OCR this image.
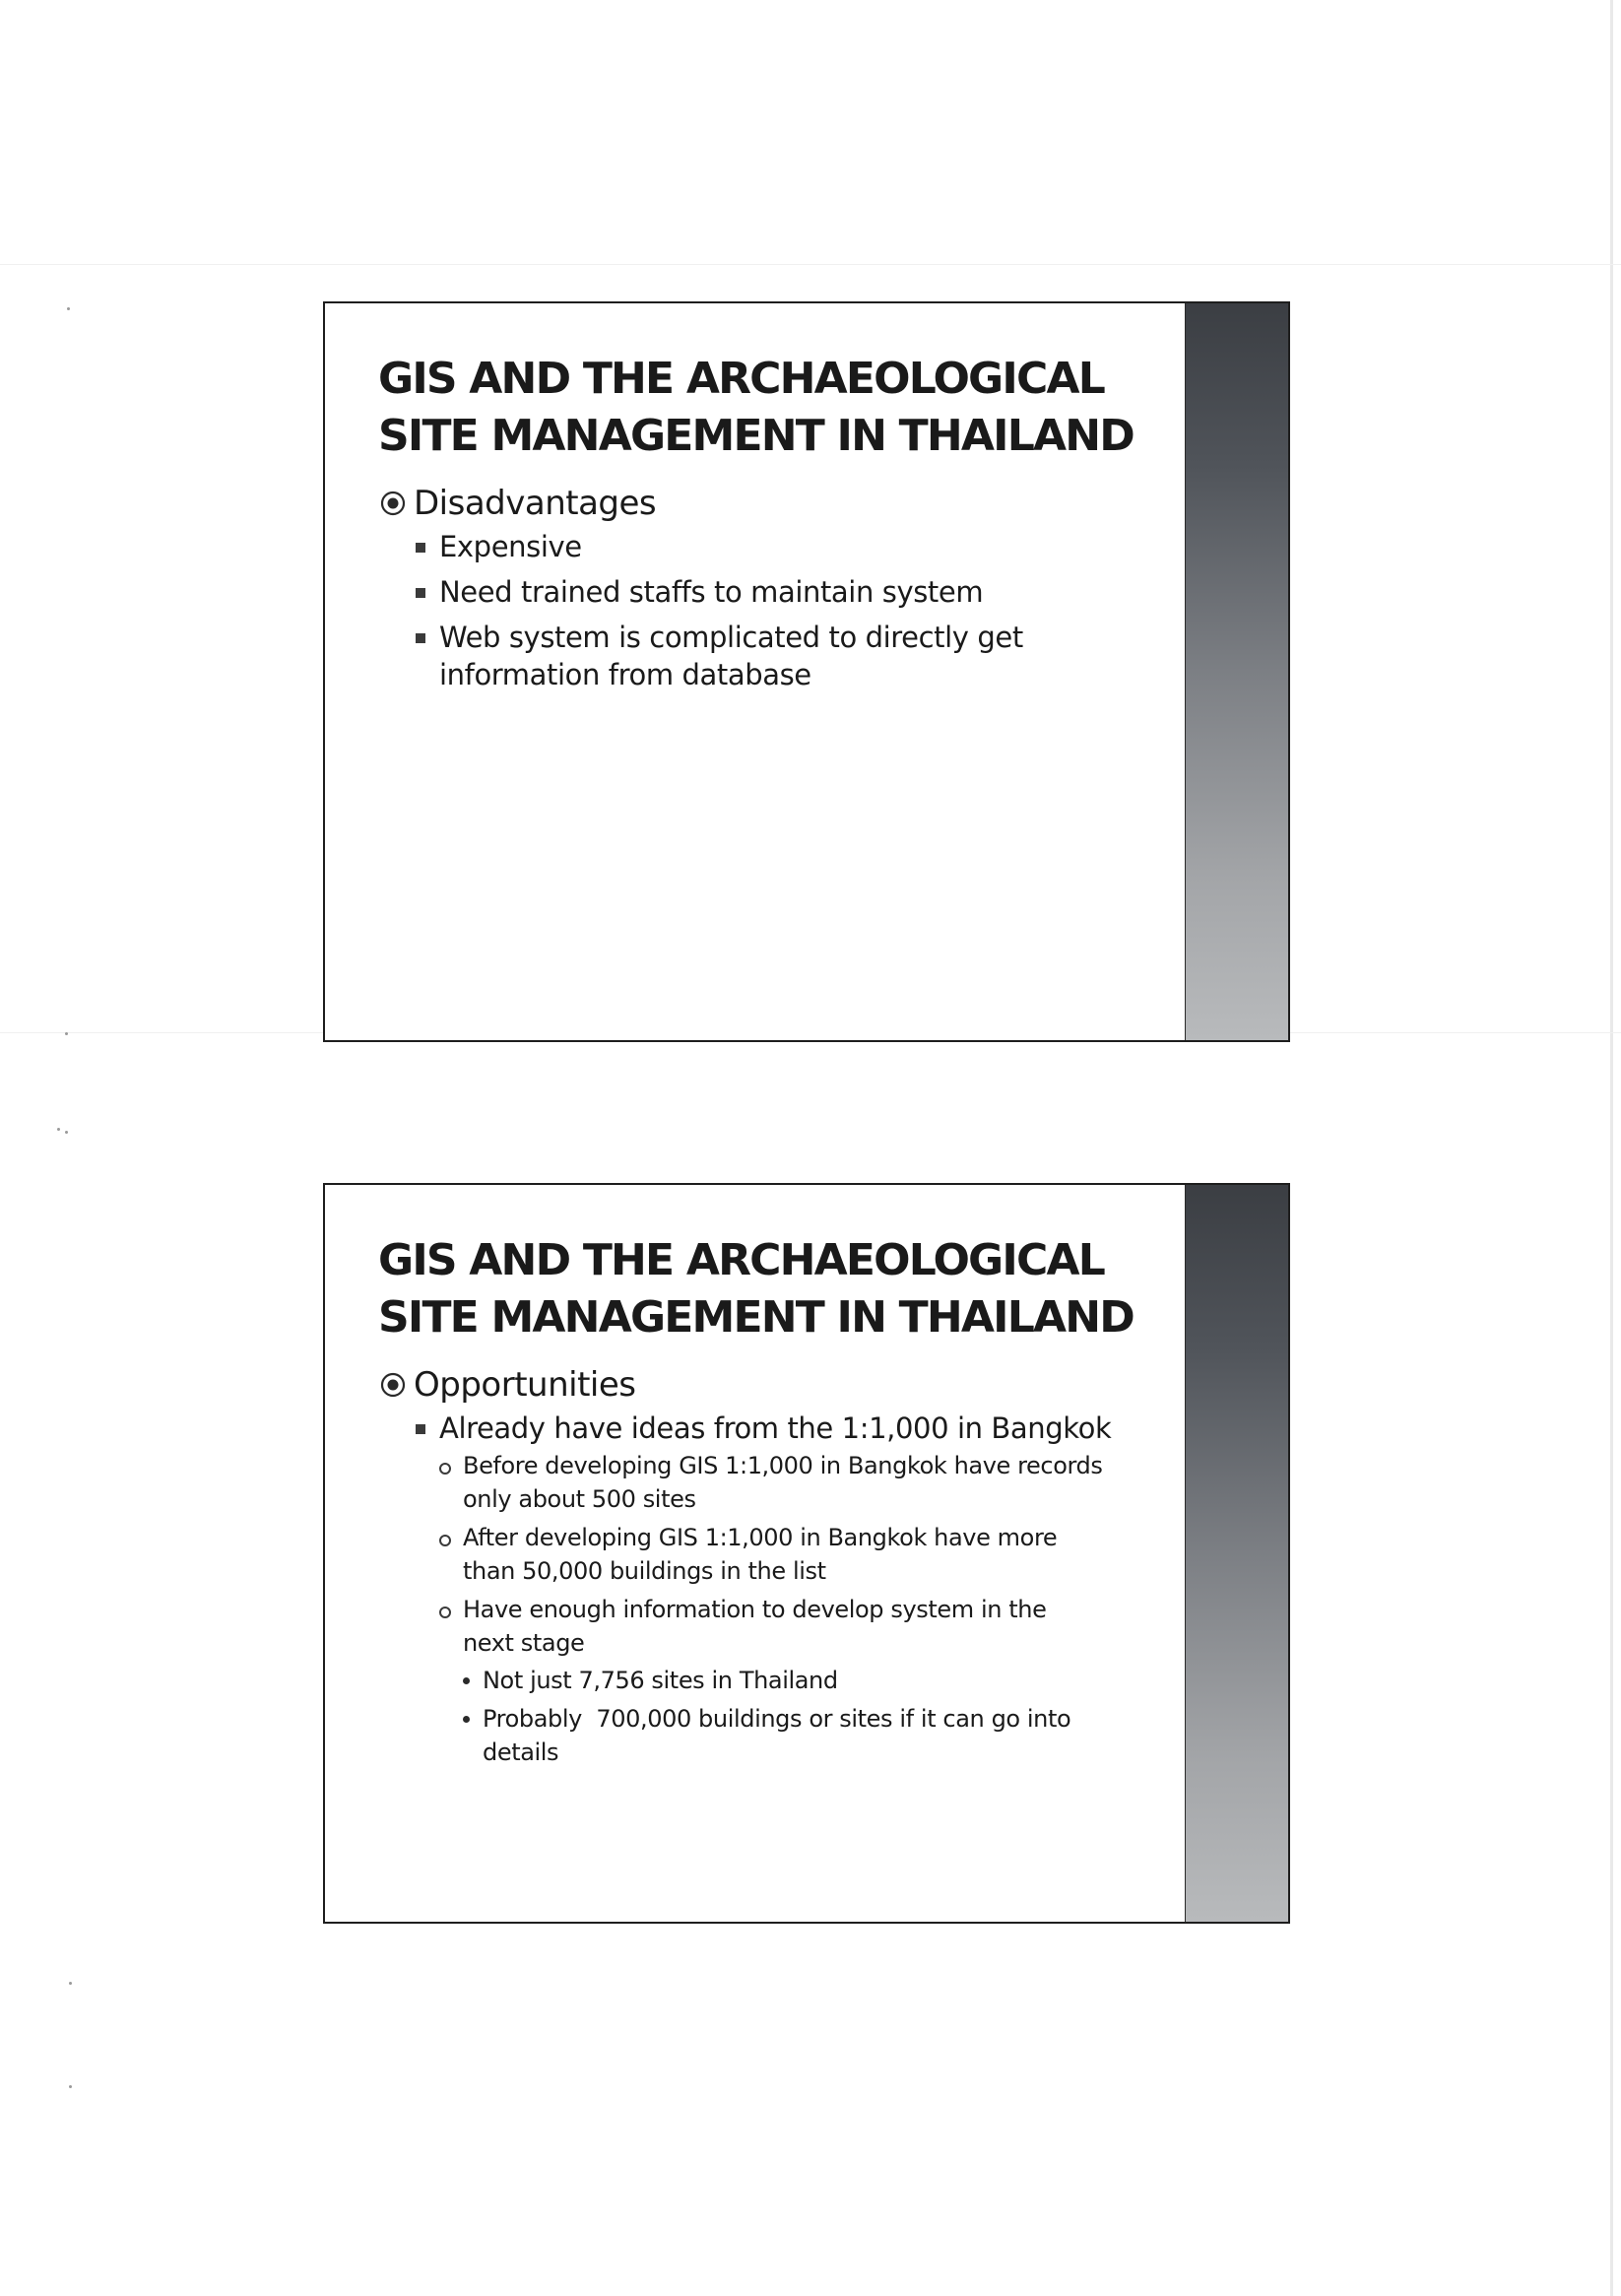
GIS AND THE ARCHAEOLOGICAL
SITE MANAGEMENT IN THAILAND
Disadvantages
Expensive
Need trained staffs to maintain system
Web system is complicated to directly get information from database
GIS AND THE ARCHAEOLOGICAL
SITE MANAGEMENT IN THAILAND
Opportunities
Already have ideas from the 1:1,000 in Bangkok
Before developing GIS 1:1,000 in Bangkok have records only about 500 sites
After developing GIS 1:1,000 in Bangkok have more than 50,000 buildings in the list
Have enough information to develop system in the next stage
Not just 7,756 sites in Thailand
Probably  700,000 buildings or sites if it can go into details
